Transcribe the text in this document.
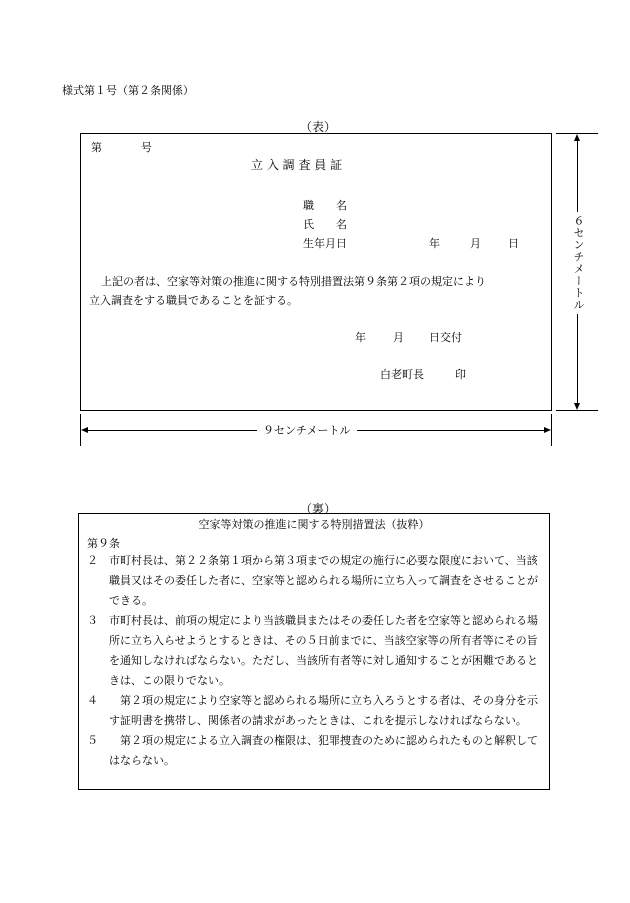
様式第１号（第２条関係）
（表）
第	号
立 入 調 査 員 証
職　　名
氏　　名
生年月日	年	月 日
上記の者は、空家等対策の推進に関する特別措置法第９条第２項の規定により
立入調査をする職員であることを証する。
年 月 日交付
白老町長	印
６センチメートル
９センチメートル
（裏）
空家等対策の推進に関する特別措置法（抜粋）
第９条
２	市町村長は、第２２条第１項から第３項までの規定の施行に必要な限度において、当該職員又はその委任した者に、空家等と認められる場所に立ち入って調査をさせることができる。
３	市町村長は、前項の規定により当該職員またはその委任した者を空家等と認められる場所に立ち入らせようとするときは、その５日前までに、当該空家等の所有者等にその旨を通知しなければならない。ただし、当該所有者等に対し通知することが困難であるときは、この限りでない。
４	　第２項の規定により空家等と認められる場所に立ち入ろうとする者は、その身分を示す証明書を携帯し、関係者の請求があったときは、これを提示しなければならない。
５	　第２項の規定による立入調査の権限は、犯罪捜査のために認められたものと解釈してはならない。
